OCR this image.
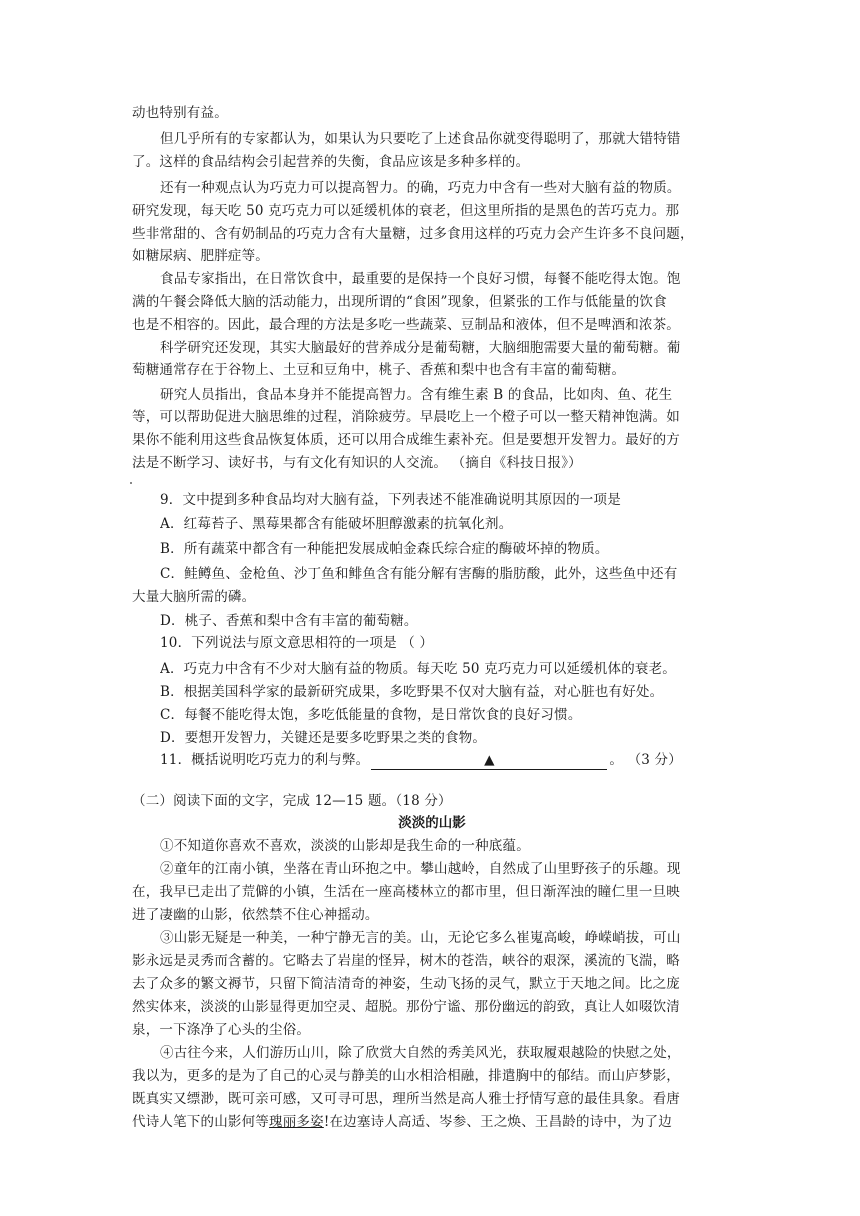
动也特别有益。
但几乎所有的专家都认为，如果认为只要吃了上述食品你就变得聪明了，那就大错特错
了。这样的食品结构会引起营养的失衡，食品应该是多种多样的。
还有一种观点认为巧克力可以提高智力。的确，巧克力中含有一些对大脑有益的物质。
研究发现，每天吃 50 克巧克力可以延缓机体的衰老，但这里所指的是黑色的苦巧克力。那
些非常甜的、含有奶制品的巧克力含有大量糖，过多食用这样的巧克力会产生许多不良问题，
如糖尿病、肥胖症等。
食品专家指出，在日常饮食中，最重要的是保持一个良好习惯，每餐不能吃得太饱。饱
满的午餐会降低大脑的活动能力，出现所谓的“食困”现象，但紧张的工作与低能量的饮食
也是不相容的。因此，最合理的方法是多吃一些蔬菜、豆制品和液体，但不是啤酒和浓茶。
科学研究还发现，其实大脑最好的营养成分是葡萄糖，大脑细胞需要大量的葡萄糖。葡
萄糖通常存在于谷物上、土豆和豆角中，桃子、香蕉和梨中也含有丰富的葡萄糖。
研究人员指出，食品本身并不能提高智力。含有维生素 B 的食品，比如肉、鱼、花生
等，可以帮助促进大脑思维的过程，消除疲劳。早晨吃上一个橙子可以一整天精神饱满。如
果你不能利用这些食品恢复体质，还可以用合成维生素补充。但是要想开发智力。最好的方
法是不断学习、读好书，与有文化有知识的人交流。 （摘自《科技日报》）
9．文中提到多种食品均对大脑有益，下列表述不能准确说明其原因的一项是
A．红莓苔子、黑莓果都含有能破坏胆醇激素的抗氧化剂。
B．所有蔬菜中都含有一种能把发展成帕金森氏综合症的酶破坏掉的物质。
C．鲑鳟鱼、金枪鱼、沙丁鱼和鲱鱼含有能分解有害酶的脂肪酸，此外，这些鱼中还有
大量大脑所需的磷。
D．桃子、香蕉和梨中含有丰富的葡萄糖。
10．下列说法与原文意思相符的一项是 （ ）
A．巧克力中含有不少对大脑有益的物质。每天吃 50 克巧克力可以延缓机体的衰老。
B．根据美国科学家的最新研究成果，多吃野果不仅对大脑有益，对心脏也有好处。
C．每餐不能吃得太饱，多吃低能量的食物，是日常饮食的良好习惯。
D．要想开发智力，关键还是要多吃野果之类的食物。
11．概括说明吃巧克力的利与弊。	▲	。 （3 分）
（二）阅读下面的文字，完成 12—15 题。（18 分）
淡淡的山影
①不知道你喜欢不喜欢，淡淡的山影却是我生命的一种底蕴。
②童年的江南小镇，坐落在青山环抱之中。攀山越岭，自然成了山里野孩子的乐趣。现
在，我早已走出了荒僻的小镇，生活在一座高楼林立的都市里，但日渐浑浊的瞳仁里一旦映
进了凄幽的山影，依然禁不住心神摇动。
③山影无疑是一种美，一种宁静无言的美。山，无论它多么崔嵬高峻，峥嵘峭拔，可山
影永远是灵秀而含蓄的。它略去了岩崖的怪异，树木的苍浩，峡谷的艰深，溪流的飞湍，略
去了众多的繁文褥节，只留下简洁清奇的神姿，生动飞扬的灵气，默立于天地之间。比之庞
然实体来，淡淡的山影显得更加空灵、超脱。那份宁谧、那份幽远的韵致，真让人如啜饮清
泉，一下涤净了心头的尘俗。
④古往今来，人们游历山川，除了欣赏大自然的秀美风光，获取履艰越险的快慰之处，
我以为，更多的是为了自己的心灵与静美的山水相洽相融，排遣胸中的郁结。而山庐梦影，
既真实又缥渺，既可亲可感，又可寻可思，理所当然是高人雅士抒情写意的最佳具象。看唐
代诗人笔下的山影何等瑰丽多姿!在边塞诗人高适、岑参、王之焕、王昌龄的诗中，为了边
